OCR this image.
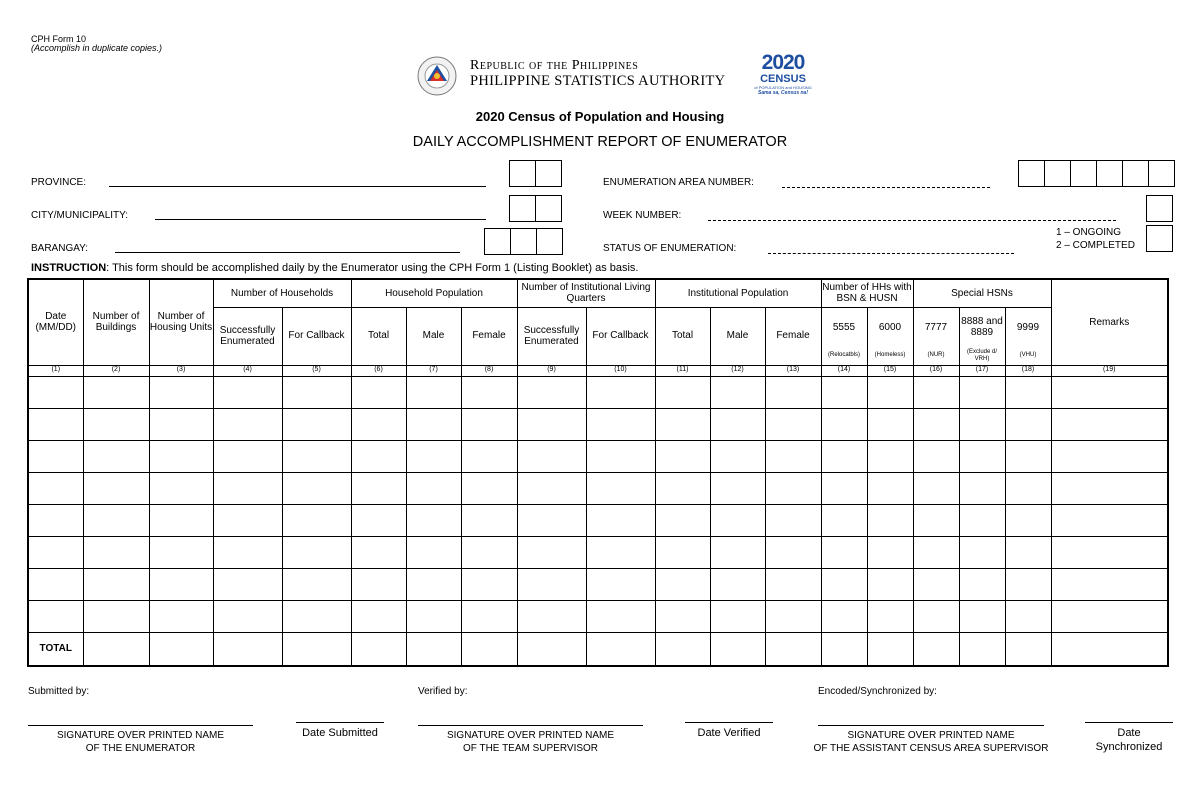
CPH Form 10
(Accomplish in duplicate copies.)
Republic of the Philippines
PHILIPPINE STATISTICS AUTHORITY
2020
CENSUS
of POPULATION and HOUSING
Sama sa, Census na!
2020 Census of Population and Housing
DAILY ACCOMPLISHMENT REPORT OF ENUMERATOR
PROVINCE:
CITY/MUNICIPALITY:
BARANGAY:
ENUMERATION AREA NUMBER:
WEEK NUMBER:
STATUS OF ENUMERATION:
1 – ONGOING
2 – COMPLETED
INSTRUCTION: This form should be accomplished daily by the Enumerator using the CPH Form 1 (Listing Booklet) as basis.
Date (MM/DD)	Number of Buildings	Number of Housing Units	Number of Households		Household Population			Number of Institutional Living Quarters		Institutional Population			Number of HHs with BSN & HUSN		Special HSNs			Remarks
			Successfully Enumerated	For Callback	Total	Male	Female	Successfully Enumerated	For Callback	Total	Male	Female	5555	6000	7777	8888 and 8889	9999	
													(Relocatbls)	(Homeless)	(NUR)	(Exclude d/ VRH)	(VHU)	
(1)	(2)	(3)	(4)	(5)	(6)	(7)	(8)	(9)	(10)	(11)	(12)	(13)	(14)	(15)	(16)	(17)	(18)	(19)

TOTAL																		
Submitted by:	Verified by:	Encoded/Synchronized by:
SIGNATURE OVER PRINTED NAME
OF THE ENUMERATOR
Date Submitted	SIGNATURE OVER PRINTED NAME
OF THE TEAM SUPERVISOR
Date Verified	SIGNATURE OVER PRINTED NAME
OF THE ASSISTANT CENSUS AREA SUPERVISOR
Date
Synchronized
